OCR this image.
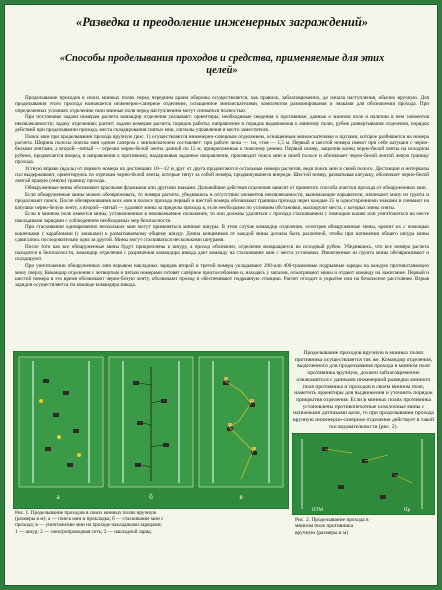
«Разведка и преодоление инженерных заграждений»
«Способы проделывания проходов и средства, применяемые для этих целей»

Проделывание проходов в своих минных полях перед передним краем обороны осуществляется, как правило, заблаговременно, до начала наступления, обычно вручную. Для проделывания этого прохода назначается инженерно-саперное отделение, оснащенное миноискателями, комплектом разминирования и знаками для обозначения прохода. При определенных условиях отделению свои минные поля перед наступлением могут сниматься полностью.

При постановке задачи номерам расчета командир отделения указывает: ориентиры; необходимые сведения о противнике; данные о минном поле и наличии в нем элементов неизвлекаемости; задачу отделению; расчет; задачи номерам расчета; порядок работы; направление и порядок выдвижения к минному полю, рубеж развертывания отделения, порядок действий при проделывании прохода, места складирования снятых мин, сигналы управления и место заместителя.

Поиск мин при проделывании прохода вручную (рис. 1) осуществляется инженерно-саперным отделением, оснащенным миноискателями и щупами, которое разбивается на номера расчета. Ширина полосы поиска мин одним сапером с миноискателем составляет: при работе лежа — 1м, стоя — 1,5 м. Первый и шестой номера имеют при себе катушки с черно-белыми лентами, а второй—пятый — отрезки черно-белой ленты длиной по 15 м, прикрепленные к поясному ремню. Первый номер, закрепив конец черно-белой ленты на исходном рубеже, продвигается вперед, в направлении к противнику, выдерживая заданное направление, производит поиск мин в своей полосе и обозначает черно-белой лентой левую границу прохода.

Устную вправо (вдоль) от первого номера на дистанциях 10—12 м друг от друга продвигаются остальные номера расчетов, ведя поиск мин в своей полосе. Дистанции и интервалы сил выдерживают, ориентируясь по отрезкам черно-белой ленты, которые тянут за собой номера, продвинувшиеся впереди. Шестой номер, разматывая катушку, обозначает черно-белой лентой правую (левую) границу прохода.

Обнаруженные мины обозначают красными флажками или другими знаками. Дальнейшие действия отделения зависят от принятого способа очистки прохода от обнаруженных мин.

Если обнаруженные мины можно обезвреживать, то номера расчета, убедившись в отсутствии элементов неизвлекаемости, вынимающие взрыватели, извлекают мину из грунта и продолжают поиск. После обезвреживания всех мин в полосе прохода первый и шестой номера обозначают границы прохода через каждые 25 м односторонними знаками и снимают на катушки черно-белую ленту, а второй—пятый — удаляют мины за пределы прохода в, если необходимо по условиям обстановки, маскируют места, с которых мины сняты.

Если в минном поле имеются мины, установленные в неизвлекаемое положение, то они должны удаляться с прохода стаскиванием с помощью кошек или уничтожаться на месте накладными зарядами с соблюдением необходимых мер безопасности.

При стаскивании одновременно нескольких мин могут применяться минные шнуры. В этом случае командир отделения, осмотрев обнаруженные мины, крепит их с помощью кошечками с карабинами (с кошками) к разматываемому общему шнуру. Длина концевиков от каждой мины должна быть различной, чтобы при натяжении общего шнура мины сдвигались последовательно одна за другой. Мины могут стаскиваться несколькими шнурами.

После того как все обнаруженные мины будут прикреплены к шнуру, а проход обозначен, отделение возвращается на исходный рубеж. Убедившись, что все номера расчета находятся в безопасности, командир отделения с разрешения командира взвода дает команду на стаскивание мин с места установки. Извлеченные из грунта мины обезвреживают и складируют.

При уничтожении обнаруженных мин взрывом накладных зарядов второй и третий номера укладывают 200-или 400-граммовые подрывные заряды на каждую противотанковую мину сверху. Командир отделения с четвертым и пятым номерами готовят сапёрное приспособление и, находясь у запалов, осматривают мины и отдают команду на зажигание. Первый и шестой номера в это время обозначают черно-белую ленту, обозначают проход и обеспечивают подрывную станцию. Расчет отходит в укрытие или на безопасное расстояние. Взрыв зарядов осуществляется по команде командира взвода.

а	б	в

Проделывание проходов вручную в минных полях противника осуществляется так же. Командир отделения, выделенного для проделывания прохода в минном поле противника вручную, должен заблаговременно ознакомиться с данными инженерной разведки минного поля противника и проходов в своем минном поле, наметить ориентиры для выдвижения и уточнить порядок прикрытия отделения. Если в минных полях противника установлены противопехотные осколочные мины с натяжными датчиками цели, то при проделывании прохода вручную инженерно-саперное отделение действует в такой последовательности (рис. 2).

ПТМ	Пр

Рис. 1. Проделывание проходов в своих минных полях вручную

(размеры в м): а — поиск мин и прокладка; б — стаскивание мин с

прохода; в — уничтожение мин на проходе накладными зарядами;

1 — шнур; 2 — электропроводная сеть; 3 — накладной заряд.

Рис. 2. Проделывание прохода в

минном поле противника

вручную (размеры в м)
